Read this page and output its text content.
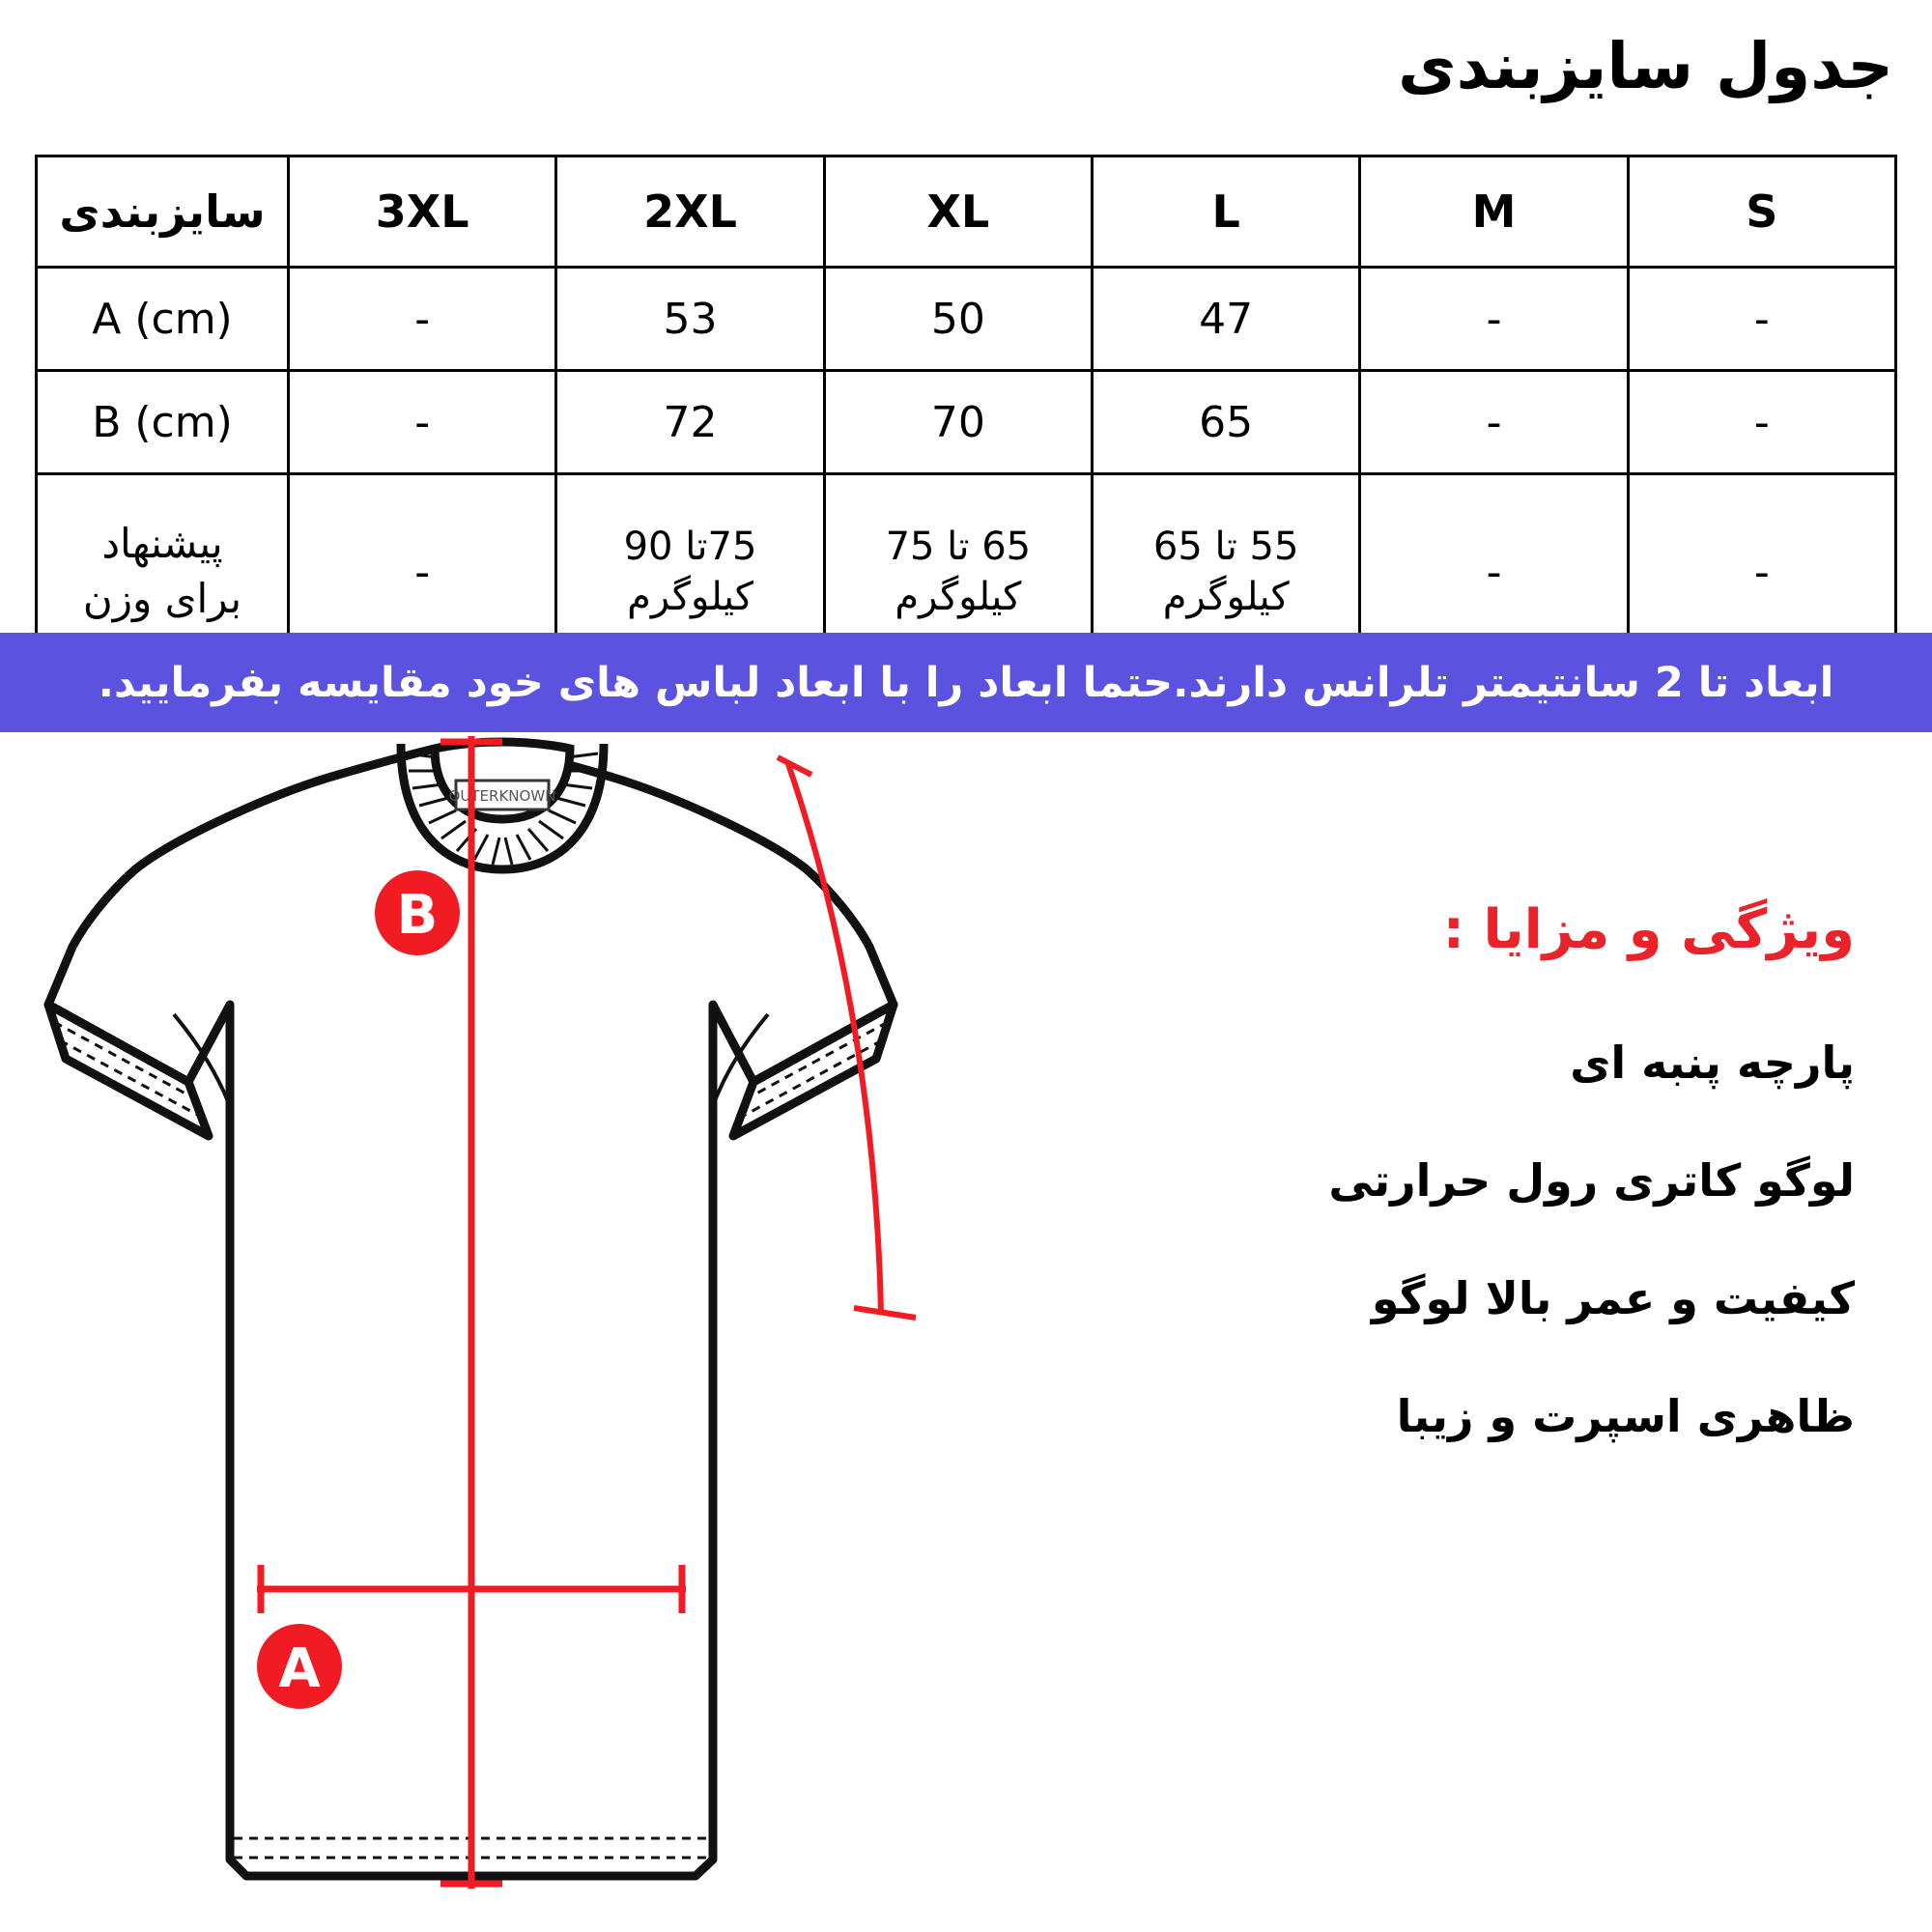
جدول سایزبندی
S	M	L	XL	2XL	3XL	سایزبندی
-	-	47	50	53	-	A (cm)
-	-	65	70	72	-	B (cm)
-	-	55 تا 65 کیلوگرم	65 تا 75 کیلوگرم	75تا 90 کیلوگرم	-	پیشنهاد
برای وزن
ابعاد تا 2 سانتیمتر تلرانس دارند.حتما ابعاد را با ابعاد لباس های خود مقایسه بفرمایید.
ویژگی و مزایا :
پارچه پنبه ای
لوگو کاتری رول حرارتی
کیفیت و عمر بالا لوگو
ظاهری اسپرت و زیبا
OUTERKNOWN
B
A
